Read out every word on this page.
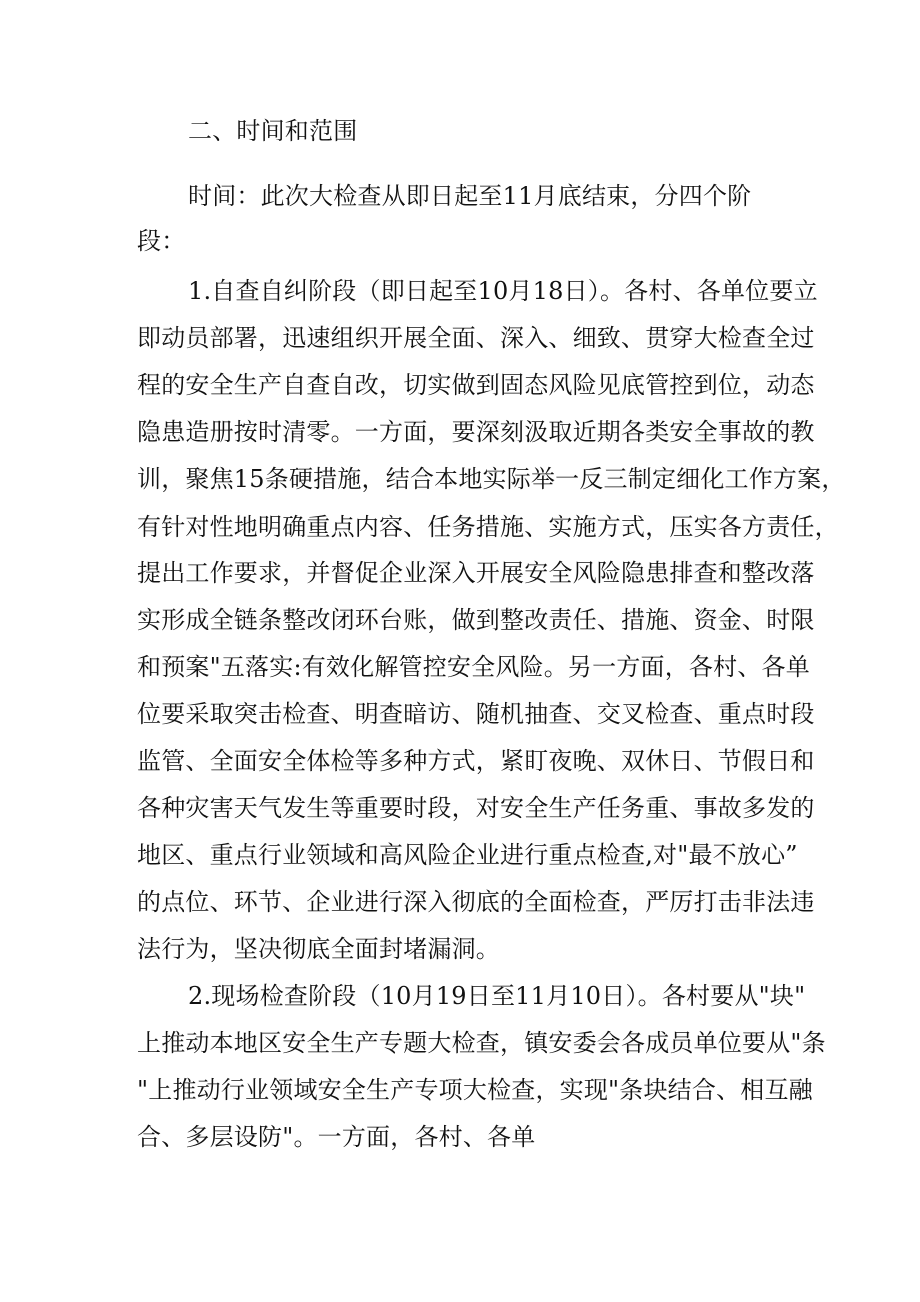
二、时间和范围
时间：此次大检查从即日起至11月底结束，分四个阶
段：
1.自查自纠阶段（即日起至10月18日）。各村、各单位要立
即动员部署，迅速组织开展全面、深入、细致、贯穿大检查全过
程的安全生产自查自改，切实做到固态风险见底管控到位，动态
隐患造册按时清零。一方面，要深刻汲取近期各类安全事故的教
训，聚焦15条硬措施，结合本地实际举一反三制定细化工作方案，
有针对性地明确重点内容、任务措施、实施方式，压实各方责任，
提出工作要求，并督促企业深入开展安全风险隐患排查和整改落
实形成全链条整改闭环台账，做到整改责任、措施、资金、时限
和预案"五落实:有效化解管控安全风险。另一方面，各村、各单
位要采取突击检查、明查暗访、随机抽查、交叉检查、重点时段
监管、全面安全体检等多种方式，紧盯夜晚、双休日、节假日和
各种灾害天气发生等重要时段，对安全生产任务重、事故多发的
地区、重点行业领域和高风险企业进行重点检查,对"最不放心”
的点位、环节、企业进行深入彻底的全面检查，严厉打击非法违
法行为，坚决彻底全面封堵漏洞。
2.现场检查阶段（10月19日至11月10日）。各村要从"块"
上推动本地区安全生产专题大检查，镇安委会各成员单位要从"条
"上推动行业领域安全生产专项大检查，实现"条块结合、相互融
合、多层设防"。一方面，各村、各单
